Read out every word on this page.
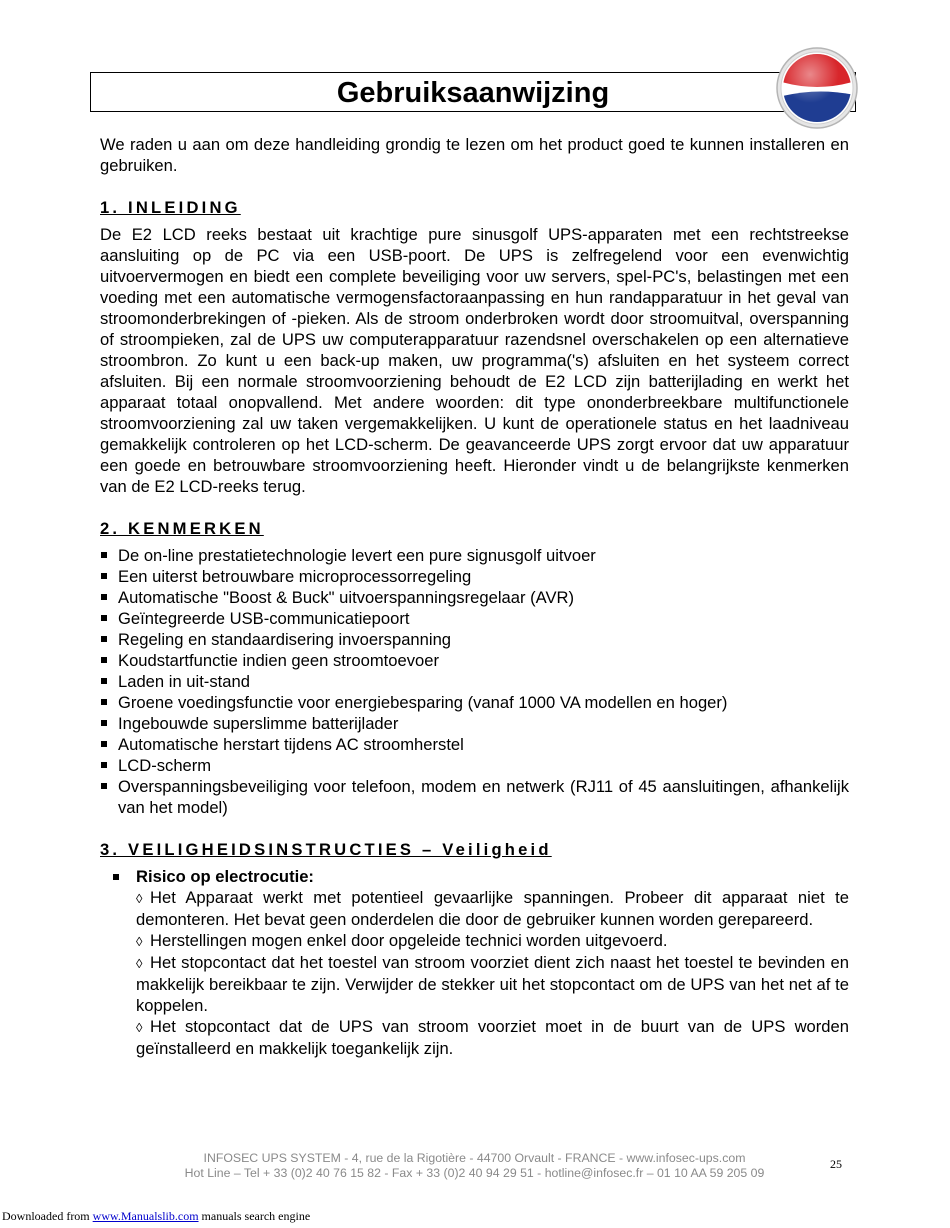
Gebruiksaanwijzing

We raden u aan om deze handleiding grondig te lezen om het product goed te kunnen installeren en gebruiken.

1. INLEIDING

De E2 LCD reeks bestaat uit krachtige pure sinusgolf UPS-apparaten met een rechtstreekse aansluiting op de PC via een USB-poort. De UPS is zelfregelend voor een evenwichtig uitvoervermogen en biedt een complete beveiliging voor uw servers, spel-PC's, belastingen met een voeding met een automatische vermogensfactoraanpassing en hun randapparatuur in het geval van stroomonderbrekingen of -pieken. Als de stroom onderbroken wordt door stroomuitval, overspanning of stroompieken, zal de UPS uw computerapparatuur razendsnel overschakelen op een alternatieve stroombron. Zo kunt u een back-up maken, uw programma('s) afsluiten en het systeem correct afsluiten. Bij een normale stroomvoorziening behoudt de E2 LCD zijn batterijlading en werkt het apparaat totaal onopvallend. Met andere woorden: dit type ononderbreekbare multifunctionele stroomvoorziening zal uw taken vergemakkelijken. U kunt de operationele status en het laadniveau gemakkelijk controleren op het LCD-scherm. De geavanceerde UPS zorgt ervoor dat uw apparatuur een goede en betrouwbare stroomvoorziening heeft. Hieronder vindt u de belangrijkste kenmerken van de E2 LCD-reeks terug.

2. KENMERKEN
De on-line prestatietechnologie levert een pure signusgolf uitvoer
Een uiterst betrouwbare microprocessorregeling
Automatische "Boost & Buck" uitvoerspanningsregelaar (AVR)
Geïntegreerde USB-communicatiepoort
Regeling en standaardisering invoerspanning
Koudstartfunctie indien geen stroomtoevoer
Laden in uit-stand
Groene voedingsfunctie voor energiebesparing (vanaf 1000 VA modellen en hoger)
Ingebouwde superslimme batterijlader
Automatische herstart tijdens AC stroomherstel
LCD-scherm
Overspanningsbeveiliging voor telefoon, modem en netwerk (RJ11 of 45 aansluitingen, afhankelijk van het model)
3. VEILIGHEIDSINSTRUCTIES – Veiligheid
Risico op electrocutie:

◊ Het Apparaat werkt met potentieel gevaarlijke spanningen. Probeer dit apparaat niet te demonteren. Het bevat geen onderdelen die door de gebruiker kunnen worden gerepareerd.

◊ Herstellingen mogen enkel door opgeleide technici worden uitgevoerd.

◊ Het stopcontact dat het toestel van stroom voorziet dient zich naast het toestel te bevinden en makkelijk bereikbaar te zijn. Verwijder de stekker uit het stopcontact om de UPS van het net af te koppelen.

◊ Het stopcontact dat de UPS van stroom voorziet moet in de buurt van de UPS worden geïnstalleerd en makkelijk toegankelijk zijn.

INFOSEC UPS SYSTEM - 4, rue de la Rigotière - 44700 Orvault - FRANCE - www.infosec-ups.com
Hot Line – Tel + 33 (0)2 40 76 15 82 - Fax + 33 (0)2 40 94 29 51 - hotline@infosec.fr – 01 10 AA 59 205 09
25
Downloaded from www.Manualslib.com manuals search engine
